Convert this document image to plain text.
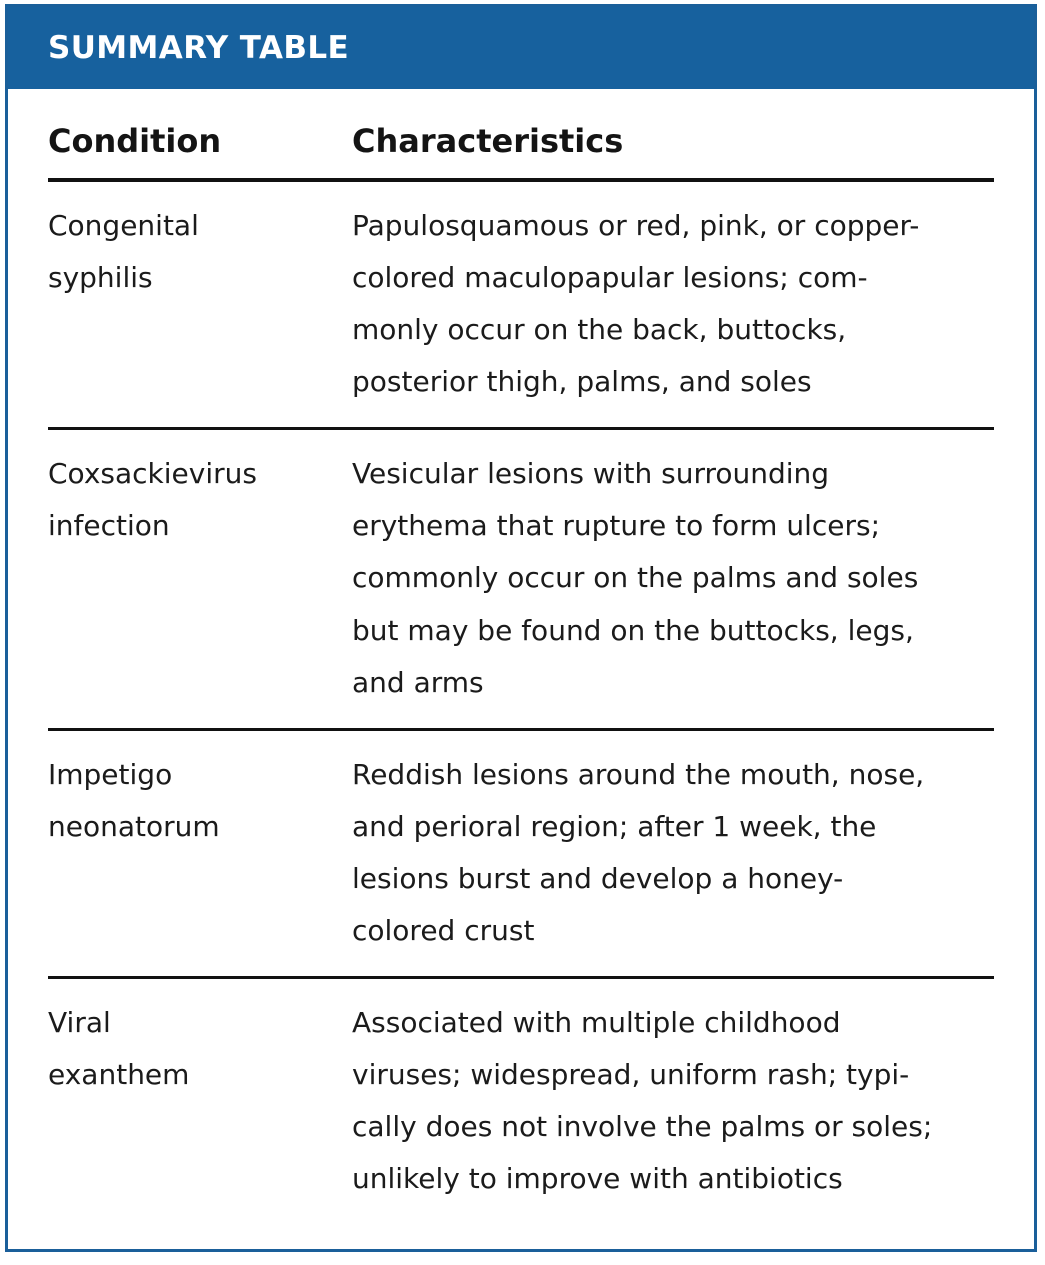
SUMMARY TABLE
Condition	Characteristics

Congenital
syphilis	Papulosquamous or red, pink, or copper-
colored maculopapular lesions; com-
monly occur on the back, buttocks,
posterior thigh, palms, and soles

Coxsackievirus
infection	Vesicular lesions with surrounding
erythema that rupture to form ulcers;
commonly occur on the palms and soles
but may be found on the buttocks, legs,
and arms

Impetigo
neonatorum	Reddish lesions around the mouth, nose,
and perioral region; after 1 week, the
lesions burst and develop a honey-
colored crust

Viral
exanthem	Associated with multiple childhood
viruses; widespread, uniform rash; typi-
cally does not involve the palms or soles;
unlikely to improve with antibiotics
